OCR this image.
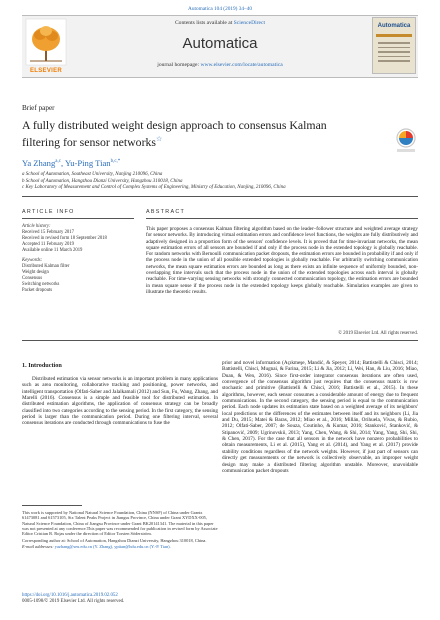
Automatica 104 (2019) 34–40
ELSEVIER
Contents lists available at ScienceDirect
Automatica
journal homepage: www.elsevier.com/locate/automatica
Automatica
Brief paper
A fully distributed weight design approach to consensus Kalman filtering for sensor networks☆
Ya Zhang$^{a,c}$, Yu-Ping Tian$^{b,c,*}$
a School of Automation, Southeast University, Nanjing 210096, China
b School of Automation, Hangzhou Dianzi University, Hangzhou 310018, China
c Key Laboratory of Measurement and Control of Complex Systems of Engineering, Ministry of Education, Nanjing, 210096, China
ARTICLE INFO	ABSTRACT
Article history:
Received 15 February 2017
Received in revised form 18 September 2018
Accepted 11 February 2019
Available online 11 March 2019
Keywords:
Distributed Kalman filter
Weight design
Consensus
Switching networks
Packet dropouts
This paper proposes a consensus Kalman filtering algorithm based on the leader–follower structure and weighted average strategy for sensor networks. By introducing virtual estimation errors and confidence level functions, the weights are fully distributively and adaptively designed in a proportion form of the sensors' confidence levels. It is proved that for time-invariant networks, the mean square estimation errors of all sensors are bounded if and only if the process node in the extended topology is globally reachable. For random networks with Bernoulli communication packet dropouts, the estimation errors are bounded in probability if and only if the process node in the union of all possible extended topologies is globally reachable. For arbitrarily switching communication networks, the mean square estimation errors are bounded as long as there exists an infinite sequence of uniformly bounded, non-overlapping time intervals such that the process node in the union of the extended topologies across each interval is globally reachable. For time-varying sensing networks with strongly connected communication topology, the estimation errors are bounded in mean square sense if the process node in the extended topology keeps globally reachable. Simulation examples are given to illustrate the theoretic results.
© 2019 Elsevier Ltd. All rights reserved.
1. Introduction
Distributed estimation via sensor networks is an important problem in many applications such as area monitoring, collaborative tracking and positioning, power networks, and intelligent transportation (Olfati-Saber and Jalalkamali (2012) and Sun, Fu, Wang, Zhang, and Marelli (2016). Consensus is a simple and feasible tool for distributed estimation. In distributed estimation algorithms, the application of consensus strategy can be broadly classified into two categories according to the sensing period. In the first category, the sensing period is larger than the communication period. During one filtering interval, several consensus iterations are conducted through communications to fuse the
prior and novel information (Açıkmeşe, Mandić, & Speyer, 2014; Battistelli & Chisci, 2014; Battistelli, Chisci, Mugnai, & Farina, 2015; Li & Jia, 2012; Li, Wei, Han, & Liu, 2016; Miao, Duan, & Wen, 2016). Since first-order integrator consensus iterations are often used, convergence of the consensus algorithm just requires that the consensus matrix is row stochastic and primitive (Battistelli & Chisci, 2016; Battistelli et al., 2015). In these algorithms, however, each sensor consumes a considerable amount of energy due to frequent communications. In the second category, the sensing period is equal to the communication period. Each node updates its estimation state based on a weighted average of its neighbors' local predictions or the differences of the estimates between itself and its neighbors (Li, Jia and Du, 2015; Matei & Baras, 2012; Miao et al., 2016; Millán, Orihuela, Vivas, & Rubio, 2012; Olfati-Saber, 2007; de Souza, Coutinho, & Kumar, 2016; Stanković, Stanković, & Stipanović, 2009; Ugrinovskii, 2013; Yang, Chen, Wang, & Shi, 2014; Yang, Yang, Shi, Shi, & Chen, 2017). For the case that all sensors in the network have nonzero probabilities to obtain measurements, Li et al. (2015), Yang et al. (2014), and Yang et al. (2017) provide stability conditions regardless of the network weights. However, if just part of sensors can directly get measurements or the network is collectively observable, an improper weight design may make a distributed filtering algorithm unstable. Moreover, unavoidable communication packet dropouts
This work is supported by National Natural Science Foundation, China (NNSF) of China under Grants 61473081 and 61573105, Six Talent Peaks Project in Jiangsu Province, China under Grant XYDXX-005, Natural Science Foundation, China of Jiangsu Province under Grant BK20141341. The material in this paper was not presented at any conference.This paper was recommended for publication in revised form by Associate Editor Cristian R. Rojas under the direction of Editor Torsten Söderström.
Corresponding author at: School of Automation, Hangzhou Dianzi University, Hangzhou 310018, China.
E-mail addresses: yazhang@seu.edu.cn (Y. Zhang), yptian@hdu.edu.cn (Y.-P. Tian).
https://doi.org/10.1016/j.automatica.2019.02.052
0005-1098/© 2019 Elsevier Ltd. All rights reserved.
